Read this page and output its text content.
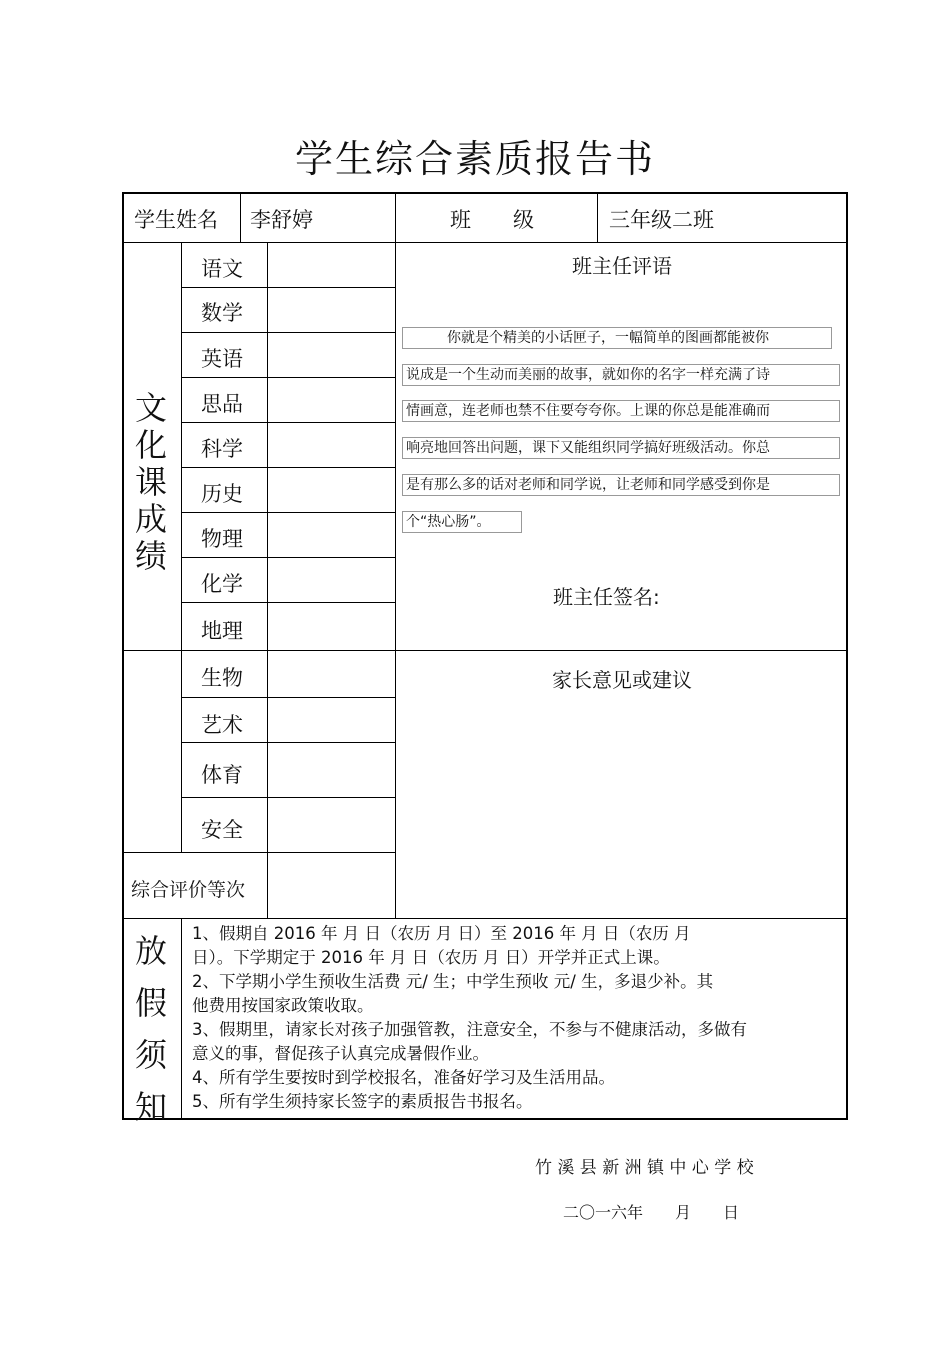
学生综合素质报告书
学生姓名 李舒婷	班　　级	三年级二班
文
化
课
成
绩
语文
数学
英语
思品
科学
历史
物理
化学
地理
生物
艺术
体育
安全
综合评价等次
班主任评语
你就是个精美的小话匣子，一幅简单的图画都能被你
说成是一个生动而美丽的故事，就如你的名字一样充满了诗
情画意，连老师也禁不住要夸夸你。上课的你总是能准确而
响亮地回答出问题，课下又能组织同学搞好班级活动。你总
是有那么多的话对老师和同学说，让老师和同学感受到你是
个“热心肠”。
班主任签名:
家长意见或建议
放
假
须
知
1、假期自 2016 年 月 日（农历 月 日）至 2016 年 月 日（农历 月
日）。下学期定于 2016 年 月 日（农历 月 日）开学并正式上课。
2、下学期小学生预收生活费 元/ 生；中学生预收 元/ 生，多退少补。其
他费用按国家政策收取。
3、假期里，请家长对孩子加强管教，注意安全，不参与不健康活动，多做有
意义的事，督促孩子认真完成暑假作业。
4、所有学生要按时到学校报名，准备好学习及生活用品。
5、所有学生须持家长签字的素质报告书报名。
竹 溪 县 新 洲 镇 中 心 学 校
二〇一六年　　月　　日
